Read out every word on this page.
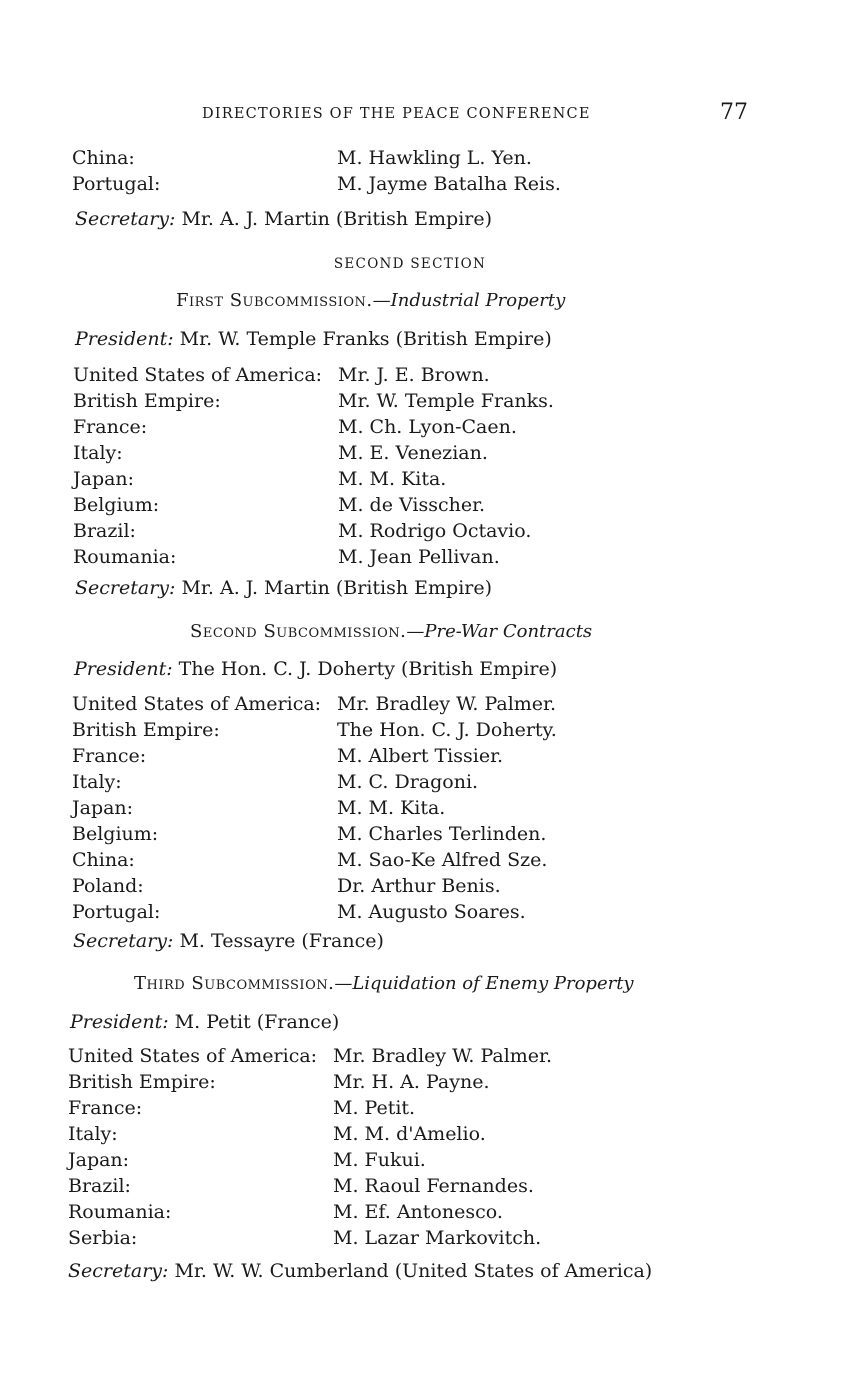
DIRECTORIES OF THE PEACE CONFERENCE	77
China:	M. Hawkling L. Yen.
Portugal:	M. Jayme Batalha Reis.
Secretary: Mr. A. J. Martin (British Empire)
SECOND SECTION
First Subcommission.—Industrial Property
President: Mr. W. Temple Franks (British Empire)
United States of America: Mr. J. E. Brown.
British Empire:	Mr. W. Temple Franks.
France:	M. Ch. Lyon-Caen.
Italy:	M. E. Venezian.
Japan:	M. M. Kita.
Belgium:	M. de Visscher.
Brazil:	M. Rodrigo Octavio.
Roumania:	M. Jean Pellivan.
Secretary: Mr. A. J. Martin (British Empire)
Second Subcommission.—Pre-War Contracts
President: The Hon. C. J. Doherty (British Empire)
United States of America: Mr. Bradley W. Palmer.
British Empire:	The Hon. C. J. Doherty.
France:	M. Albert Tissier.
Italy:	M. C. Dragoni.
Japan:	M. M. Kita.
Belgium:	M. Charles Terlinden.
China:	M. Sao-Ke Alfred Sze.
Poland:	Dr. Arthur Benis.
Portugal:	M. Augusto Soares.
Secretary: M. Tessayre (France)
Third Subcommission.—Liquidation of Enemy Property
President: M. Petit (France)
United States of America: Mr. Bradley W. Palmer.
British Empire:	Mr. H. A. Payne.
France:	M. Petit.
Italy:	M. M. d'Amelio.
Japan:	M. Fukui.
Brazil:	M. Raoul Fernandes.
Roumania:	M. Ef. Antonesco.
Serbia:	M. Lazar Markovitch.
Secretary: Mr. W. W. Cumberland (United States of America)
